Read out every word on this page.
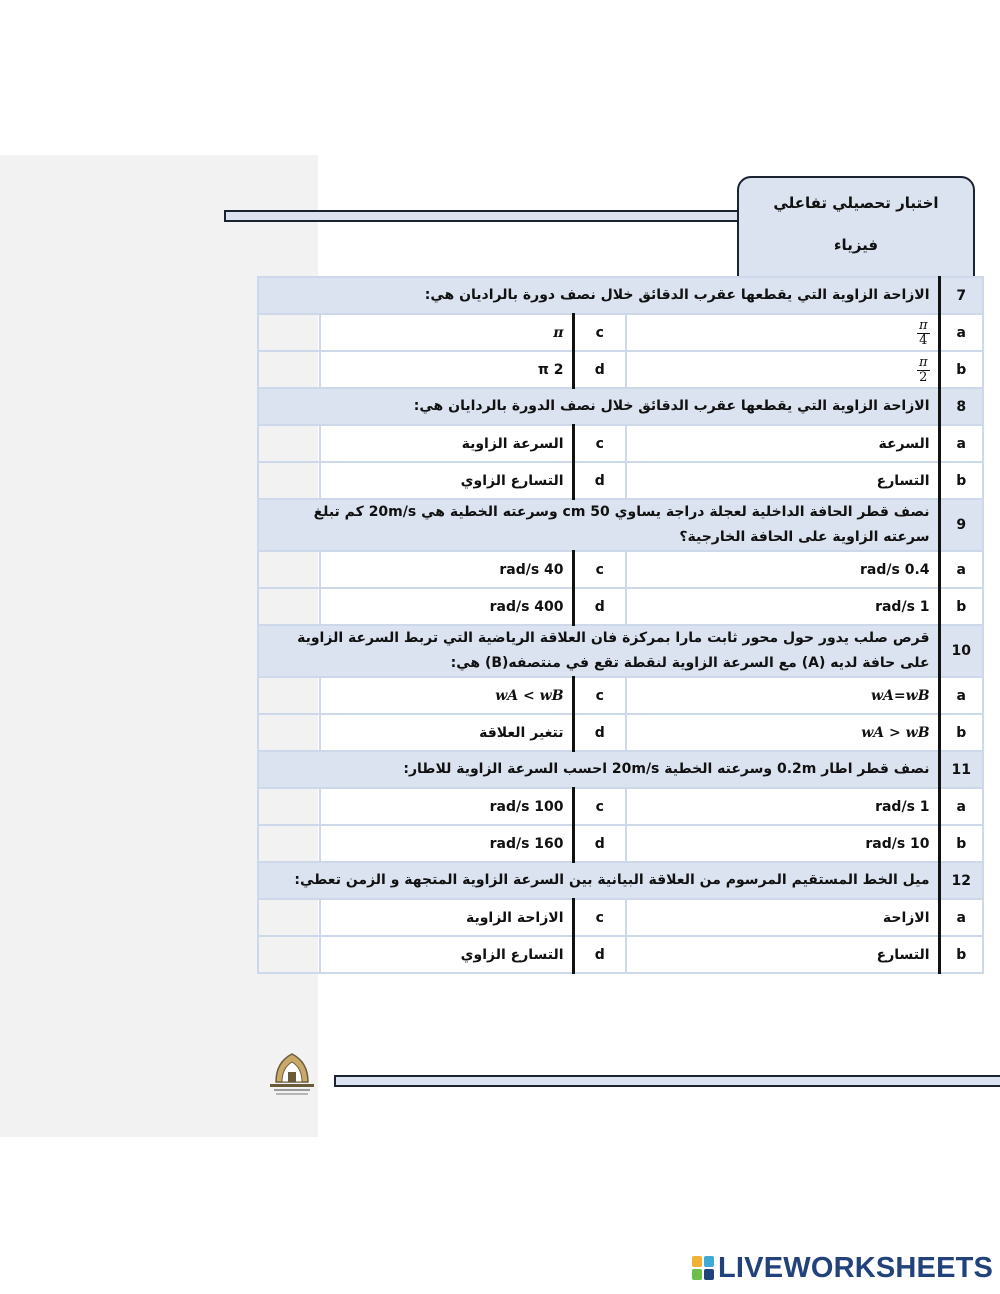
اختبار تحصيلي تفاعلي
فيزياء
7	الازاحة الزاوية التي يقطعها عقرب الدقائق خلال نصف دورة بالراديان هي:			
a	$\frac{\pi}{4}$	c	π	
b	$\frac{\pi}{2}$	d	2 π	
8	الازاحة الزاوية التي يقطعها عقرب الدقائق خلال نصف الدورة بالردايان هي:			
a	السرعة	c	السرعة الزاوية	
b	التسارع	d	التسارع الزاوي	
9	نصف قطر الحافة الداخلية لعجلة دراجة يساوي 50 cm وسرعته الخطية هي 20m/s كم تبلغ سرعته الزاوية على الحافة الخارجية؟			
a	0.4 rad/s	c	40 rad/s	
b	1 rad/s	d	400 rad/s	
10	قرص صلب يدور حول محور ثابت مارا بمركزة فان العلاقة الرياضية التي تربط السرعة الزاوية على حافة لديه (A) مع السرعة الزاوية لنقطة تقع في منتصفه(B) هي:			
a	wA=wB	c	wA < wB	
b	wA > wB	d	تتغير العلاقة	
11	نصف قطر اطار 0.2m وسرعته الخطية 20m/s احسب السرعة الزاوية للاطار:			
a	1 rad/s	c	100 rad/s	
b	10 rad/s	d	160 rad/s	
12	ميل الخط المستقيم المرسوم من العلاقة البيانية بين السرعة الزاوية المتجهة و الزمن تعطي:			
a	الازاحة	c	الازاحة الزاوية	
b	التسارع	d	التسارع الزاوي	
LIVEWORKSHEETS
